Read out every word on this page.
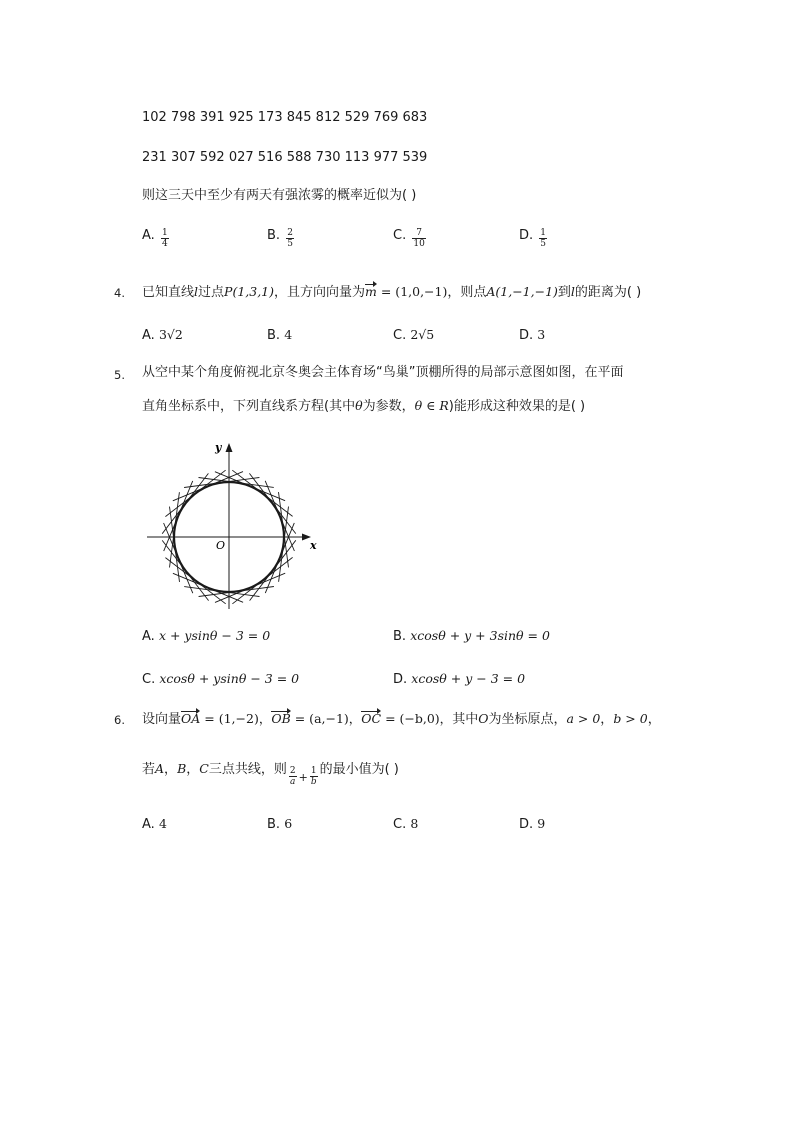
102 798 391 925 173 845 812 529 769 683
231 307 592 027 516 588 730 113 977 539
则这三天中至少有两天有强浓雾的概率近似为( )
A. $\frac{1}{4}$	B. $\frac{2}{5}$	C. $\frac{7}{10}$	D. $\frac{1}{5}$
4. 已知直线l过点P(1,3,1)，且方向向量为m = (1,0,−1)，则点A(1,−1,−1)到l的距离为( )
A. 3√2	B. 4	C. 2√5	D. 3
5. 从空中某个角度俯视北京冬奥会主体育场“鸟巢”顶棚所得的局部示意图如图，在平面
直角坐标系中，下列直线系方程(其中θ为参数，θ ∈ R)能形成这种效果的是( )
y
x
O
A. x + ysinθ − 3 = 0	B. xcosθ + y + 3sinθ = 0
C. xcosθ + ysinθ − 3 = 0	D. xcosθ + y − 3 = 0
6. 设向量OA = (1,−2)，OB = (a,−1)，OC = (−b,0)，其中O为坐标原点，a > 0，b > 0，
若A，B，C三点共线，则 $\frac{2}{a} _+ \frac{1}{b}$ 的最小值为( )
A. 4	B. 6	C. 8	D. 9
